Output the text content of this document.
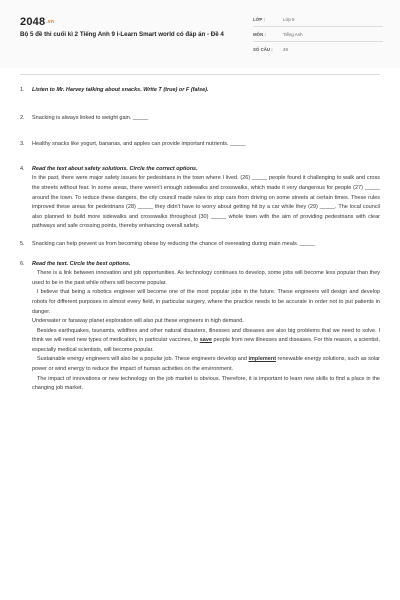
2048.vn
Bộ 5 đề thi cuối kì 2 Tiếng Anh 9 i-Learn Smart world có đáp án - Đề 4
LỚP :	Lớp 9
MÔN :	Tiếng Anh
SỐ CÂU : 49
1. Listen to Mr. Harvey talking about snacks. Write T (true) or F (false).
2. Snacking is always linked to weight gain. _____
3. Healthy snacks like yogurt, bananas, and apples can provide important nutrients. _____
4. Read the text about safety solutions. Circle the correct options.

In the past, there were major safety issues for pedestrians in the town where I lived. (26) _____ people found it challenging to walk and cross the streets without fear. In some areas, there weren't enough sidewalks and crosswalks, which made it very dangerous for people (27) _____ around the town. To reduce these dangers, the city council made rules to stop cars from driving on some streets at certain times. These rules improved these areas for pedestrians (28) _____ they didn't have to worry about getting hit by a car while they (29) _____. The local council also planned to build more sidewalks and crosswalks throughout (30) _____ whole town with the aim of providing pedestrians with clear pathways and safe crossing points, thereby enhancing overall safety.

5. Snacking can help prevent us from becoming obese by reducing the chance of overeating during main meals. _____
6. Read the text. Circle the best options.

There is a link between innovation and job opportunities. As technology continues to develop, some jobs will become less popular than they used to be in the past while others will become popular.

I believe that being a robotics engineer will become one of the most popular jobs in the future. These engineers will design and develop robots for different purposes in almost every field, in particular surgery, where the practice needs to be accurate in order not to put patients in danger.

Underwater or faraway planet exploration will also put these engineers in high demand.

Besides earthquakes, tsunamis, wildfires and other natural disasters, illnesses and diseases are also big problems that we need to solve. I think we will need new types of medication, in particular vaccines, to save people from new illnesses and diseases. For this reason, a scientist, especially medical scientists, will become popular.

Sustainable energy engineers will also be a popular job. These engineers develop and implement renewable energy solutions, such as solar power or wind energy to reduce the impact of human activities on the environment.

The impact of innovations or new technology on the job market is obvious. Therefore, it is important to learn new skills to find a place in the changing job market.
